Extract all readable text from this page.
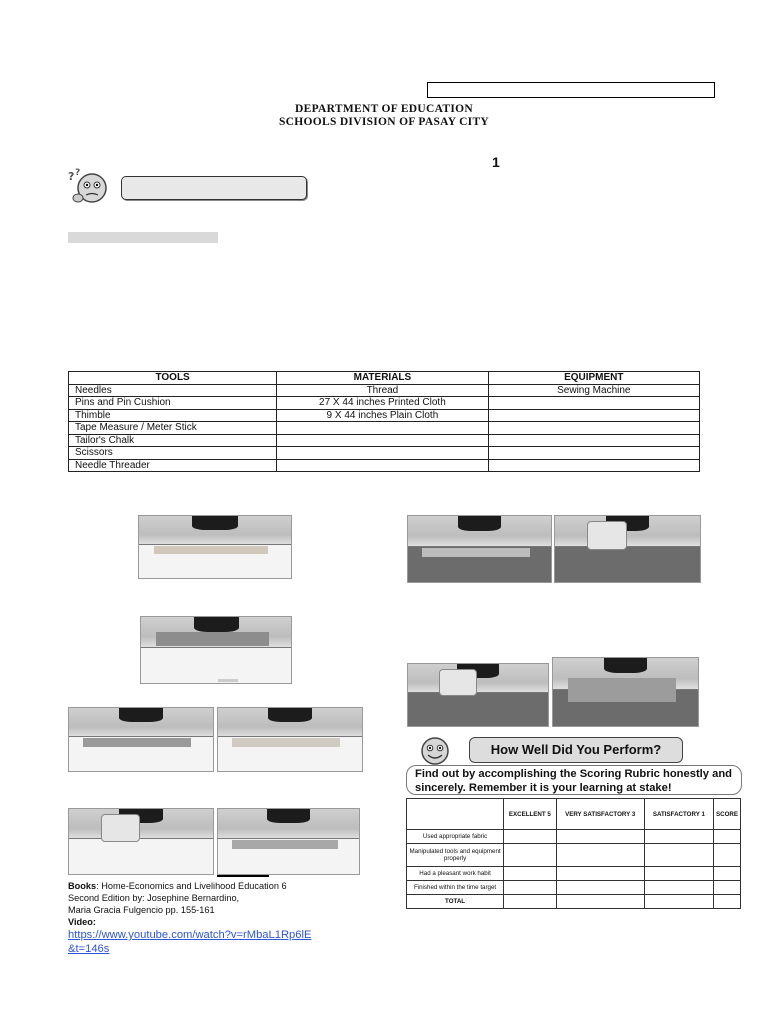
DEPARTMENT OF EDUCATION
SCHOOLS DIVISION OF PASAY CITY
1
? ?
TOOLS	MATERIALS	EQUIPMENT
Needles	Thread	Sewing Machine
Pins and Pin Cushion	27 X 44 inches Printed Cloth	
Thimble	9 X 44 inches Plain Cloth	
Tape Measure / Meter Stick		
Tailor's Chalk		
Scissors		
Needle Threader		
How Well Did You Perform?
Find out by accomplishing the Scoring Rubric honestly and sincerely. Remember it is your learning at stake!
	EXCELLENT 5	VERY SATISFACTORY 3	SATISFACTORY 1	SCORE
Used appropriate fabric				
Manipulated tools and equipment properly				
Had a pleasant work habit				
Finished within the time target				
TOTAL				
Books: Home-Economics and Livelihood Education 6
Second Edition by: Josephine Bernardino,
Maria Gracia Fulgencio pp. 155-161
Video:
https://www.youtube.com/watch?v=rMbaL1Rp6lE
&t=146s
